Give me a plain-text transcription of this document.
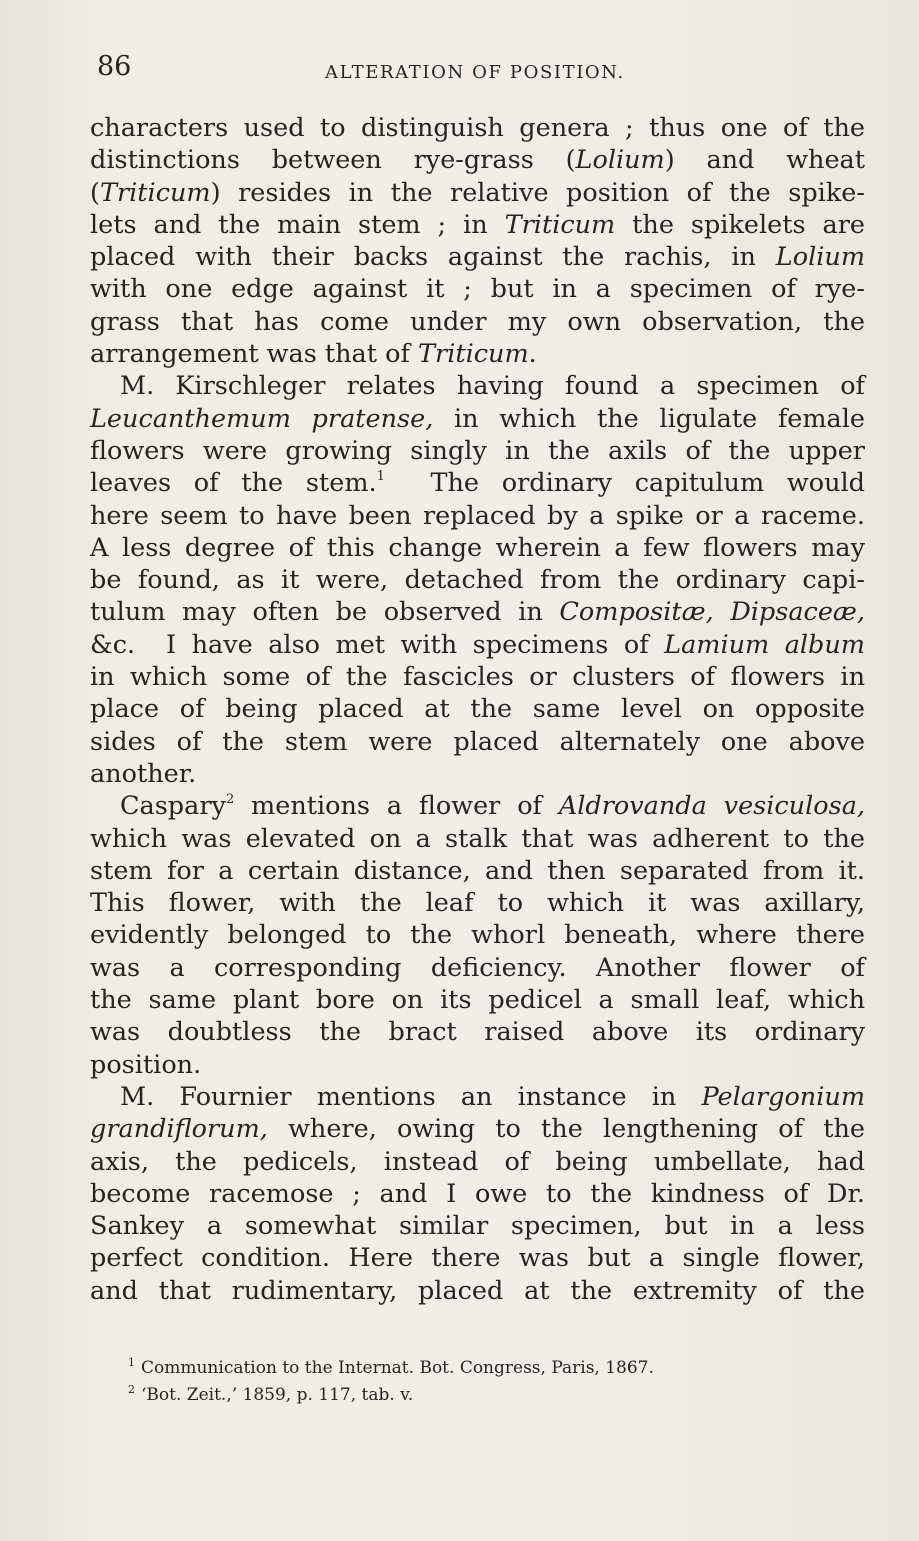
86	ALTERATION OF POSITION.
characters used to distinguish genera ; thus one of the
distinctions between rye-grass (Lolium) and wheat
(Triticum) resides in the relative position of the spike-
lets and the main stem ; in Triticum the spikelets are
placed with their backs against the rachis, in Lolium
with one edge against it ; but in a specimen of rye-
grass that has come under my own observation, the
arrangement was that of Triticum.
M. Kirschleger relates having found a specimen of
Leucanthemum pratense, in which the ligulate female
flowers were growing singly in the axils of the upper
leaves of the stem.$^1$ The ordinary capitulum would
here seem to have been replaced by a spike or a raceme.
A less degree of this change wherein a few flowers may
be found, as it were, detached from the ordinary capi-
tulum may often be observed in Compositæ, Dipsaceæ,
&c.  I have also met with specimens of Lamium album
in which some of the fascicles or clusters of flowers in
place of being placed at the same level on opposite
sides of the stem were placed alternately one above
another.
Caspary$^2$ mentions a flower of Aldrovanda vesiculosa,
which was elevated on a stalk that was adherent to the
stem for a certain distance, and then separated from it.
This flower, with the leaf to which it was axillary,
evidently belonged to the whorl beneath, where there
was a corresponding deficiency. Another flower of
the same plant bore on its pedicel a small leaf, which
was doubtless the bract raised above its ordinary
position.
M. Fournier mentions an instance in Pelargonium
grandiflorum, where, owing to the lengthening of the
axis, the pedicels, instead of being umbellate, had
become racemose ; and I owe to the kindness of Dr.
Sankey a somewhat similar specimen, but in a less
perfect condition. Here there was but a single flower,
and that rudimentary, placed at the extremity of the
$^1$ Communication to the Internat. Bot. Congress, Paris, 1867.
$^2$ ‘Bot. Zeit.,’ 1859, p. 117, tab. v.
